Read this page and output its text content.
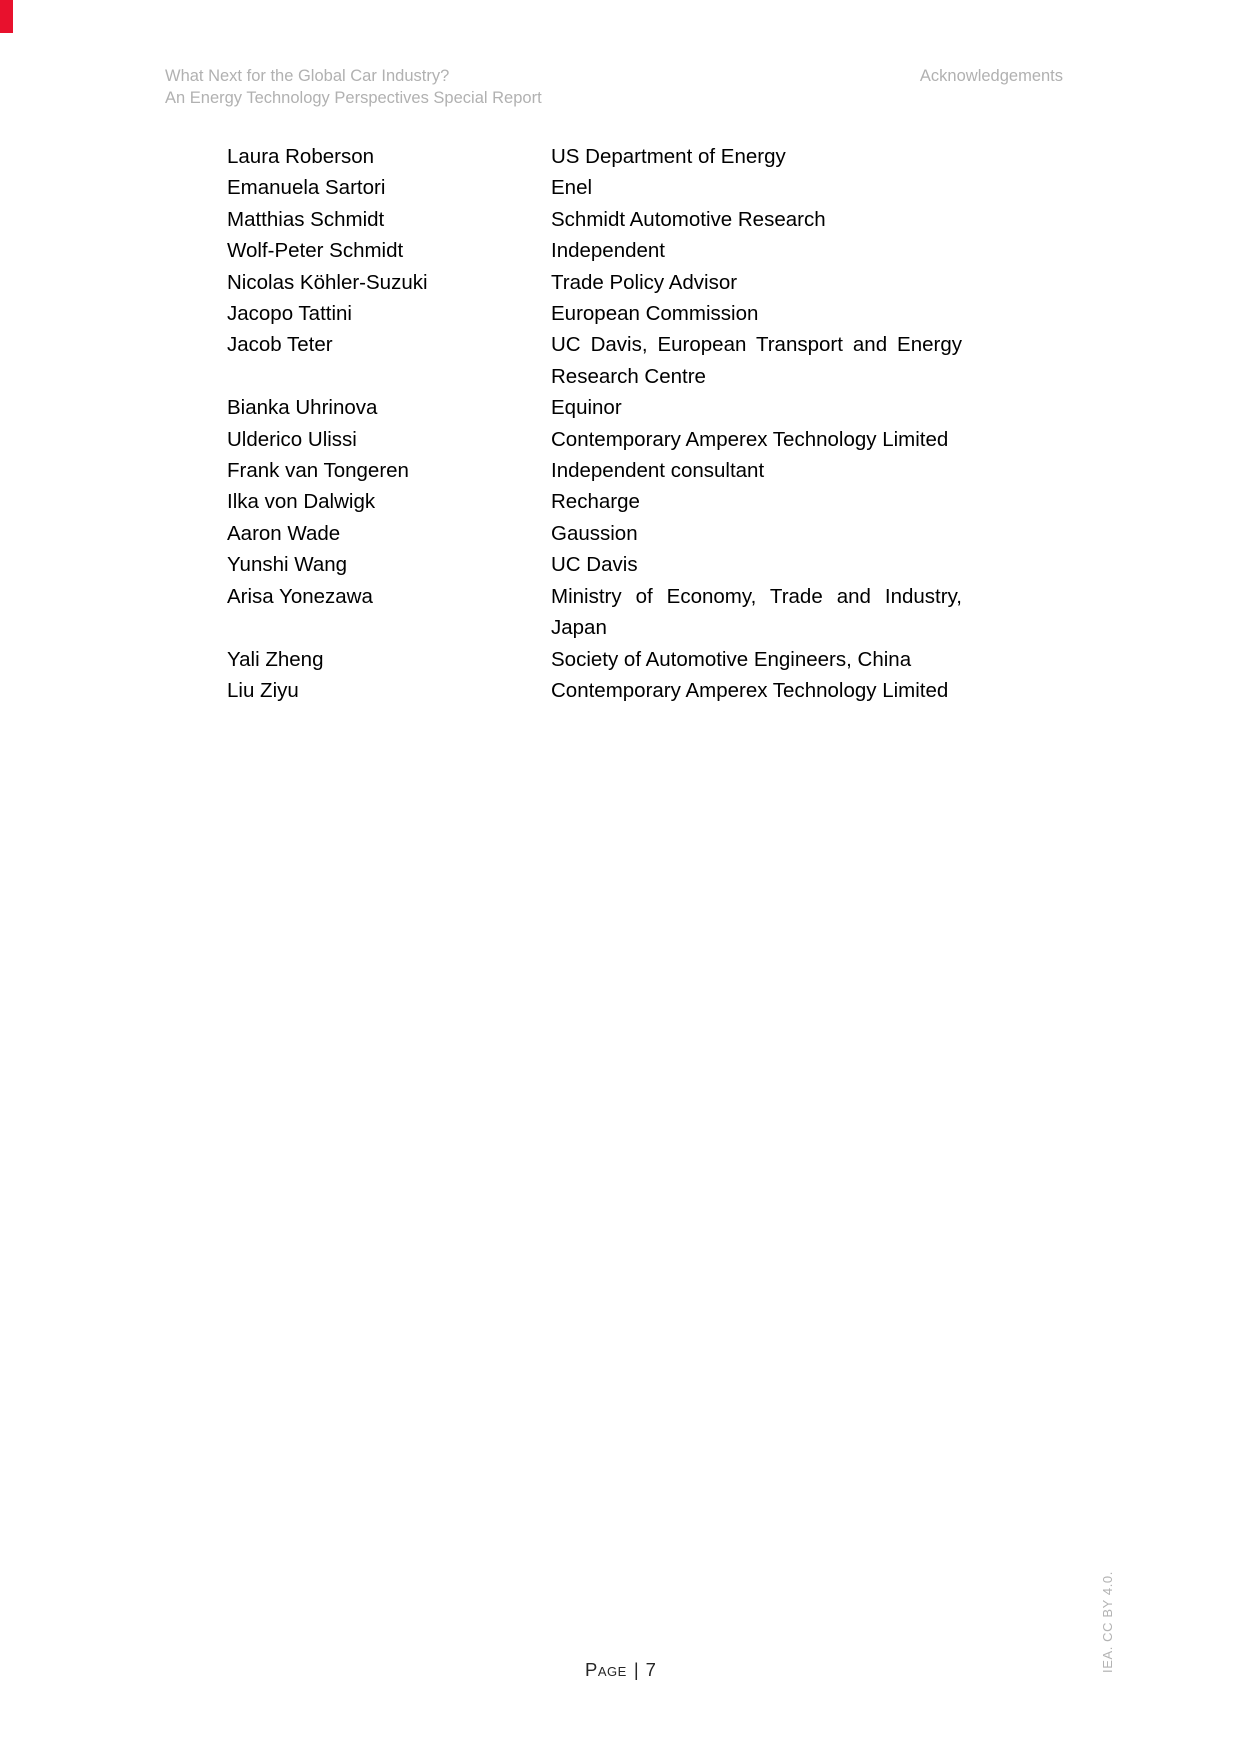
What Next for the Global Car Industry?
An Energy Technology Perspectives Special Report
Acknowledgements
Laura Roberson	US Department of Energy
Emanuela Sartori	Enel
Matthias Schmidt	Schmidt Automotive Research
Wolf-Peter Schmidt	Independent
Nicolas Köhler-Suzuki	Trade Policy Advisor
Jacopo Tattini	European Commission
Jacob Teter	UC Davis, European Transport and Energy
Research Centre
Bianka Uhrinova	Equinor
Ulderico Ulissi	Contemporary Amperex Technology Limited
Frank van Tongeren	Independent consultant
Ilka von Dalwigk	Recharge
Aaron Wade	Gaussion
Yunshi Wang	UC Davis
Arisa Yonezawa	Ministry of Economy, Trade and Industry,
Japan
Yali Zheng	Society of Automotive Engineers, China
Liu Ziyu	Contemporary Amperex Technology Limited
Page | 7	IEA. CC BY 4.0.
